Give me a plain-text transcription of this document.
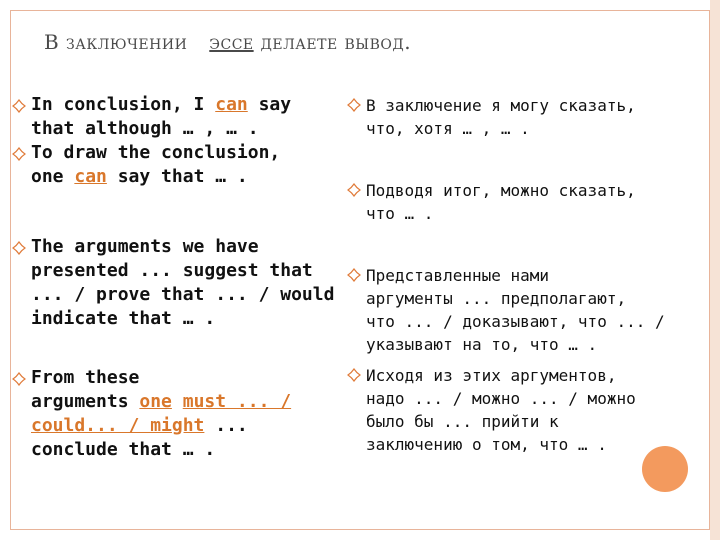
В заключении эссе делаете вывод.
In conclusion, I can say
that although … , … .
To draw the conclusion,
one can say that … .
The arguments we have
presented ... suggest that
... / prove that ... / would
indicate that … .
From these
arguments one must ... /
could... / might ...
conclude that … .
В заключение я могу сказать,
что, хотя … , … .
Подводя итог, можно сказать,
что … .
Представленные нами
аргументы ... предполагают,
что ... / доказывают, что ... /
указывают на то, что … .
Исходя из этих аргументов,
надо ... / можно ... / можно
было бы ... прийти к
заключению о том, что … .
